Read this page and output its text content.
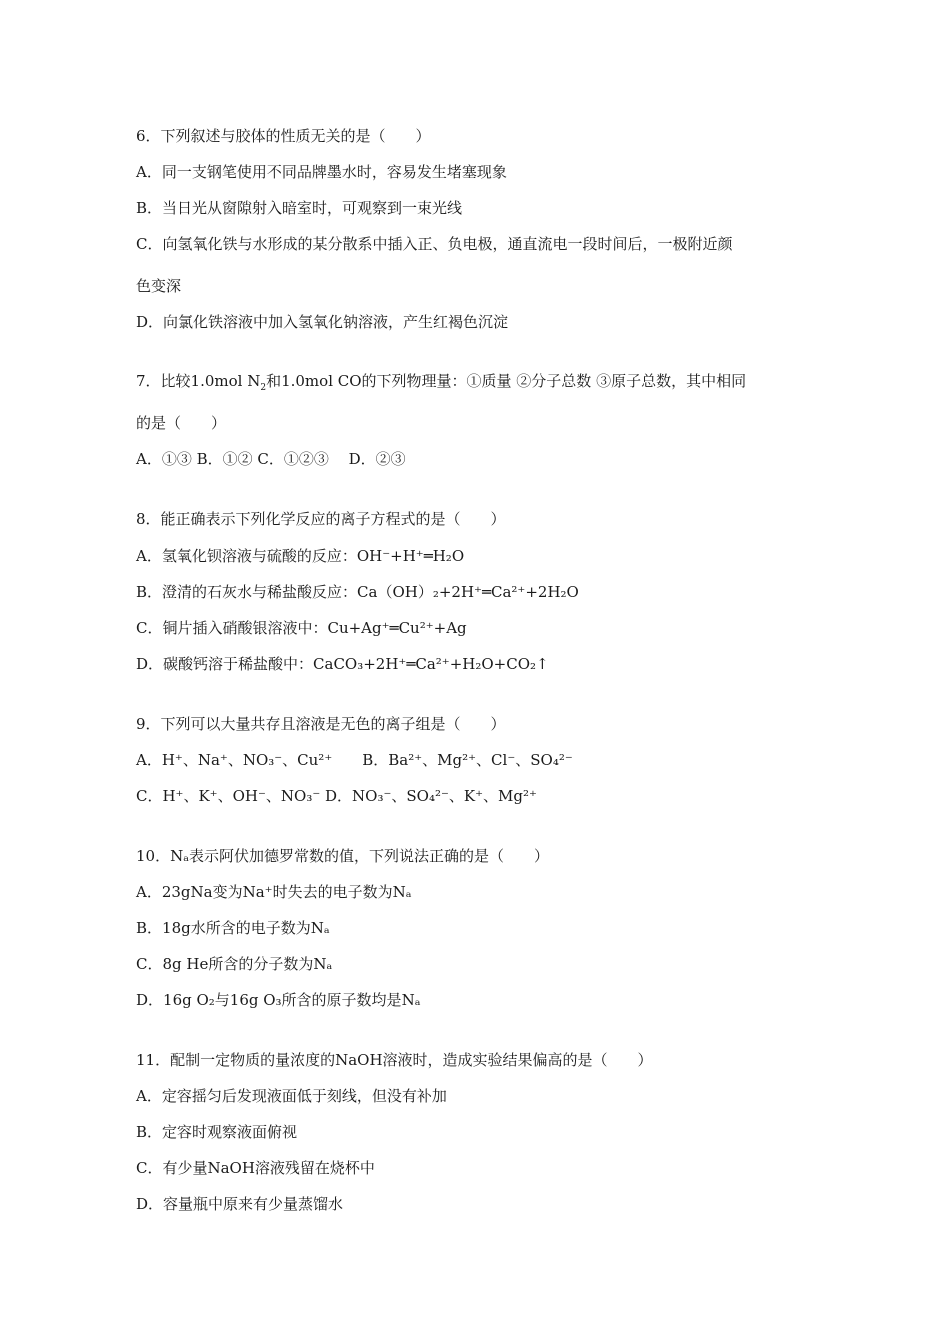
6．下列叙述与胶体的性质无关的是（　　）
A．同一支钢笔使用不同品牌墨水时，容易发生堵塞现象
B．当日光从窗隙射入暗室时，可观察到一束光线
C．向氢氧化铁与水形成的某分散系中插入正、负电极，通直流电一段时间后，一极附近颜
色变深
D．向氯化铁溶液中加入氢氧化钠溶液，产生红褐色沉淀
7．比较1.0mol $N_2$和1.0mol CO的下列物理量：①质量 ②分子总数 ③原子总数，其中相同
的是（　　）
A．①③ B．①② C．①②③　 D．②③
8．能正确表示下列化学反应的离子方程式的是（　　）
A．氢氧化钡溶液与硫酸的反应：OH⁻+H⁺═H₂O
B．澄清的石灰水与稀盐酸反应：Ca（OH）₂+2H⁺═Ca²⁺+2H₂O
C．铜片插入硝酸银溶液中：Cu+Ag⁺═Cu²⁺+Ag
D．碳酸钙溶于稀盐酸中：CaCO₃+2H⁺═Ca²⁺+H₂O+CO₂↑
9．下列可以大量共存且溶液是无色的离子组是（　　）
A．H⁺、Na⁺、NO₃⁻、Cu²⁺　　B．Ba²⁺、Mg²⁺、Cl⁻、SO₄²⁻
C．H⁺、K⁺、OH⁻、NO₃⁻ D．NO₃⁻、SO₄²⁻、K⁺、Mg²⁺
10．Nₐ表示阿伏加德罗常数的值，下列说法正确的是（　　）
A．23gNa变为Na⁺时失去的电子数为Nₐ
B．18g水所含的电子数为Nₐ
C．8g He所含的分子数为Nₐ
D．16g O₂与16g O₃所含的原子数均是Nₐ
11．配制一定物质的量浓度的NaOH溶液时，造成实验结果偏高的是（　　）
A．定容摇匀后发现液面低于刻线，但没有补加
B．定容时观察液面俯视
C．有少量NaOH溶液残留在烧杯中
D．容量瓶中原来有少量蒸馏水
